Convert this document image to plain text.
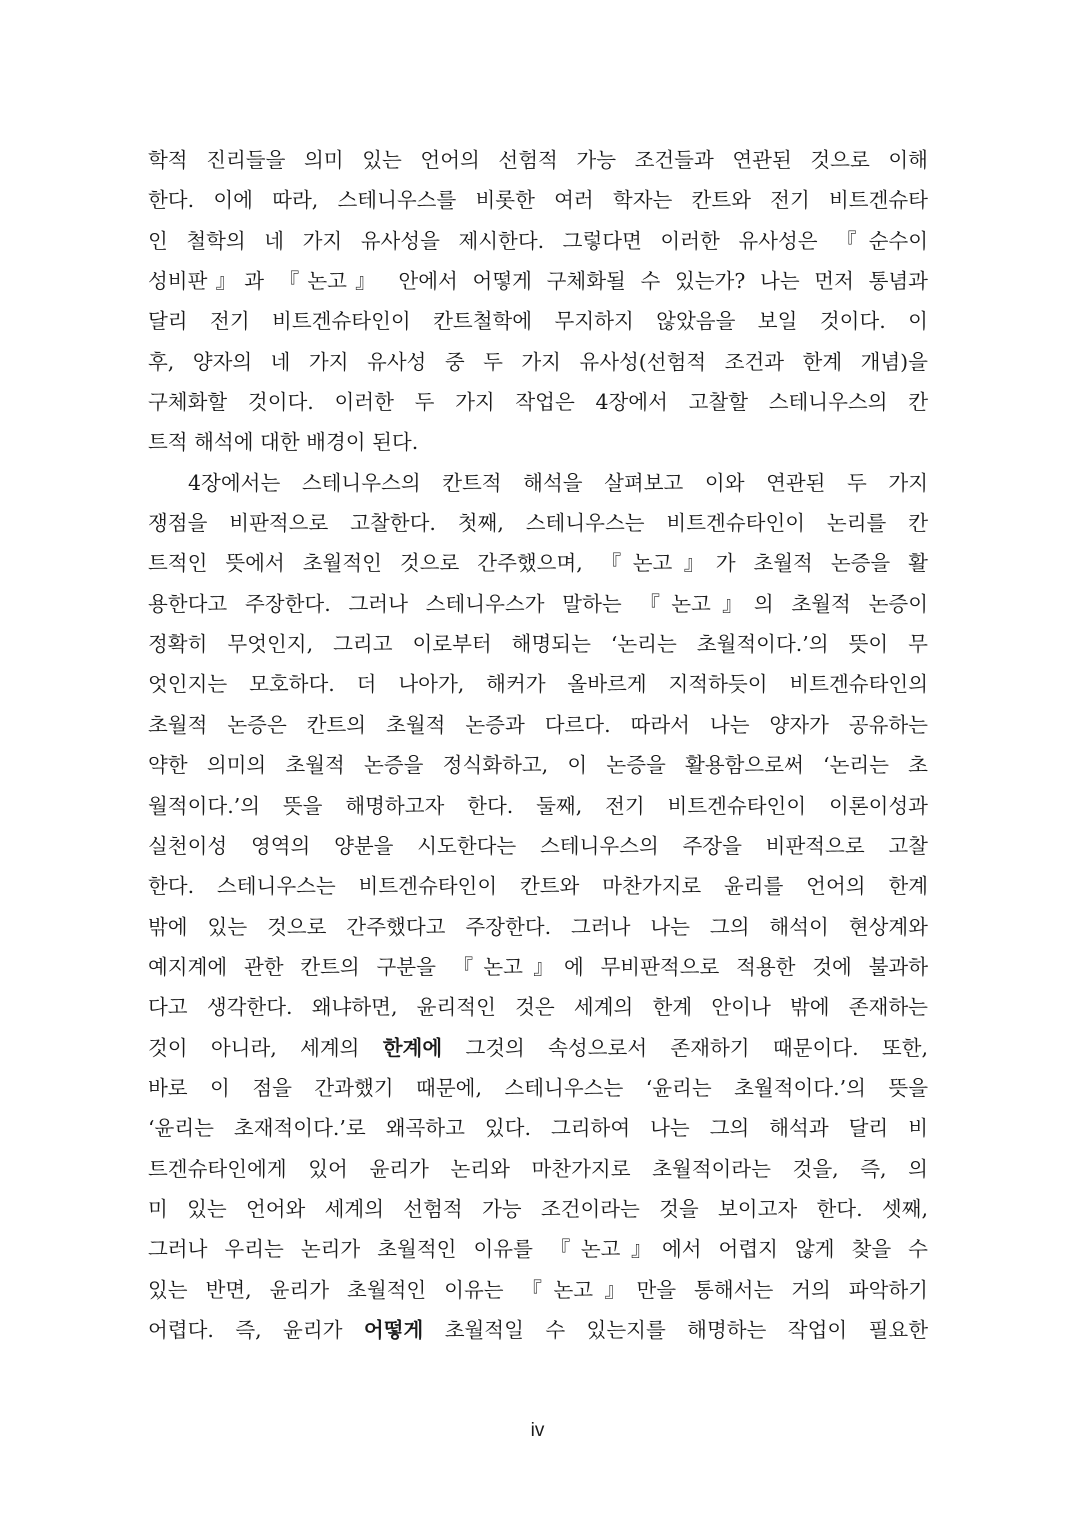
학적 진리들을 의미 있는 언어의 선험적 가능 조건들과 연관된 것으로 이해
한다. 이에 따라, 스테니우스를 비롯한 여러 학자는 칸트와 전기 비트겐슈타
인 철학의 네 가지 유사성을 제시한다. 그렇다면 이러한 유사성은 『순수이
성비판』과 『논고』 안에서 어떻게 구체화될 수 있는가? 나는 먼저 통념과
달리 전기 비트겐슈타인이 칸트철학에 무지하지 않았음을 보일 것이다. 이
후, 양자의 네 가지 유사성 중 두 가지 유사성(선험적 조건과 한계 개념)을
구체화할 것이다. 이러한 두 가지 작업은 4장에서 고찰할 스테니우스의 칸
트적 해석에 대한 배경이 된다.
4장에서는 스테니우스의 칸트적 해석을 살펴보고 이와 연관된 두 가지
쟁점을 비판적으로 고찰한다. 첫째, 스테니우스는 비트겐슈타인이 논리를 칸
트적인 뜻에서 초월적인 것으로 간주했으며, 『논고』가 초월적 논증을 활
용한다고 주장한다. 그러나 스테니우스가 말하는 『논고』의 초월적 논증이
정확히 무엇인지, 그리고 이로부터 해명되는 ‘논리는 초월적이다.’의 뜻이 무
엇인지는 모호하다. 더 나아가, 해커가 올바르게 지적하듯이 비트겐슈타인의
초월적 논증은 칸트의 초월적 논증과 다르다. 따라서 나는 양자가 공유하는
약한 의미의 초월적 논증을 정식화하고, 이 논증을 활용함으로써 ‘논리는 초
월적이다.’의 뜻을 해명하고자 한다. 둘째, 전기 비트겐슈타인이 이론이성과
실천이성 영역의 양분을 시도한다는 스테니우스의 주장을 비판적으로 고찰
한다. 스테니우스는 비트겐슈타인이 칸트와 마찬가지로 윤리를 언어의 한계
밖에 있는 것으로 간주했다고 주장한다. 그러나 나는 그의 해석이 현상계와
예지계에 관한 칸트의 구분을 『논고』에 무비판적으로 적용한 것에 불과하
다고 생각한다. 왜냐하면, 윤리적인 것은 세계의 한계 안이나 밖에 존재하는
것이 아니라, 세계의 한계에 그것의 속성으로서 존재하기 때문이다. 또한,
바로 이 점을 간과했기 때문에, 스테니우스는 ‘윤리는 초월적이다.’의 뜻을
‘윤리는 초재적이다.’로 왜곡하고 있다. 그리하여 나는 그의 해석과 달리 비
트겐슈타인에게 있어 윤리가 논리와 마찬가지로 초월적이라는 것을, 즉, 의
미 있는 언어와 세계의 선험적 가능 조건이라는 것을 보이고자 한다. 셋째,
그러나 우리는 논리가 초월적인 이유를 『논고』에서 어렵지 않게 찾을 수
있는 반면, 윤리가 초월적인 이유는 『논고』만을 통해서는 거의 파악하기
어렵다. 즉, 윤리가 어떻게 초월적일 수 있는지를 해명하는 작업이 필요한
iv
